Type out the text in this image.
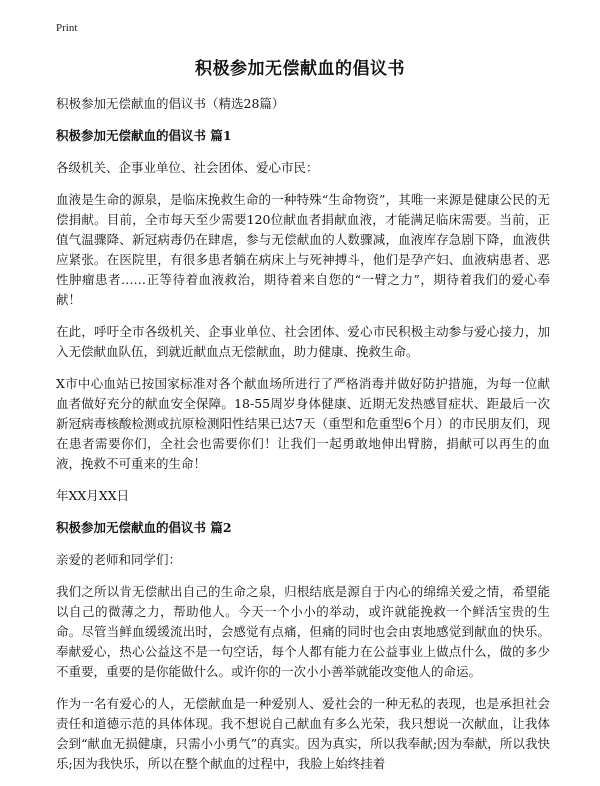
Print
积极参加无偿献血的倡议书

积极参加无偿献血的倡议书（精选28篇）

积极参加无偿献血的倡议书 篇1

各级机关、企事业单位、社会团体、爱心市民：

血液是生命的源泉，是临床挽救生命的一种特殊“生命物资”，其唯一来源是健康公民的无偿捐献。目前，全市每天至少需要120位献血者捐献血液，才能满足临床需要。当前，正值气温骤降、新冠病毒仍在肆虐，参与无偿献血的人数骤减，血液库存急剧下降，血液供应紧张。在医院里，有很多患者躺在病床上与死神搏斗，他们是孕产妇、血液病患者、恶性肿瘤患者……正等待着血液救治，期待着来自您的“一臂之力”，期待着我们的爱心奉献！

在此，呼吁全市各级机关、企事业单位、社会团体、爱心市民积极主动参与爱心接力，加入无偿献血队伍，到就近献血点无偿献血，助力健康、挽救生命。

X市中心血站已按国家标准对各个献血场所进行了严格消毒并做好防护措施，为每一位献血者做好充分的献血安全保障。18-55周岁身体健康、近期无发热感冒症状、距最后一次新冠病毒核酸检测或抗原检测阳性结果已达7天（重型和危重型6个月）的市民朋友们，现在患者需要你们，全社会也需要你们！让我们一起勇敢地伸出臂膀，捐献可以再生的血液，挽救不可重来的生命！

年XX月XX日

积极参加无偿献血的倡议书 篇2

亲爱的老师和同学们：

我们之所以肯无偿献出自己的生命之泉，归根结底是源自于内心的绵绵关爱之情，希望能以自己的微薄之力，帮助他人。今天一个小小的举动，或许就能挽救一个鲜活宝贵的生命。尽管当鲜血缓缓流出时，会感觉有点痛，但痛的同时也会由衷地感觉到献血的快乐。奉献爱心，热心公益这不是一句空话，每个人都有能力在公益事业上做点什么，做的多少不重要，重要的是你能做什么。或许你的一次小小善举就能改变他人的命运。

作为一名有爱心的人，无偿献血是一种爱别人、爱社会的一种无私的表现，也是承担社会责任和道德示范的具体体现。我不想说自己献血有多么光荣，我只想说一次献血，让我体会到“献血无损健康，只需小小勇气”的真实。因为真实，所以我奉献;因为奉献，所以我快乐;因为我快乐，所以在整个献血的过程中，我脸上始终挂着
